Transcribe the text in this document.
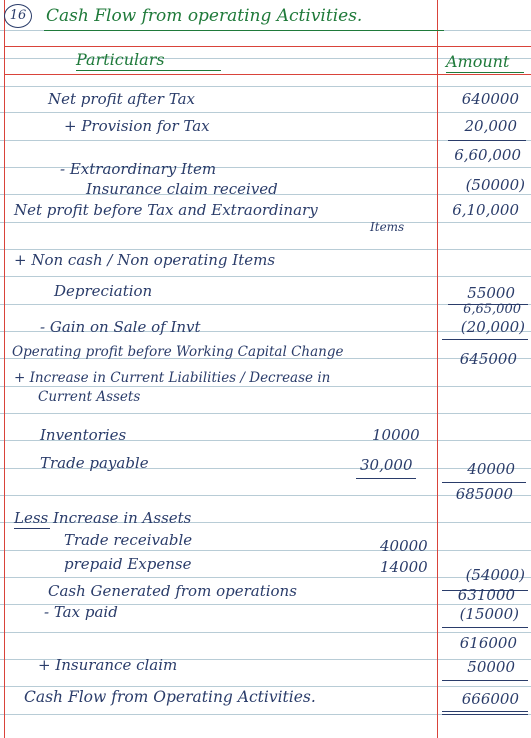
16	Cash Flow from operating Activities.
Particulars	Amount
Net profit after Tax	640000
+ Provision for Tax	20,000
6,60,000
- Extraordinary Item
Insurance claim received	(50000)
Net profit before Tax and Extraordinary	6,10,000
Items
+ Non cash / Non operating Items
Depreciation	55000
6,65,000
- Gain on Sale of Invt	(20,000)
Operating profit before Working Capital Change	645000
+ Increase in Current Liabilities / Decrease in
Current Assets
Inventories	10000
Trade payable	30,000	40000
685000
Less Increase in Assets
Trade receivable	40000
prepaid Expense	14000	(54000)
Cash Generated from operations	631000
- Tax paid	(15000)
616000
+ Insurance claim	50000
Cash Flow from Operating Activities.	666000
